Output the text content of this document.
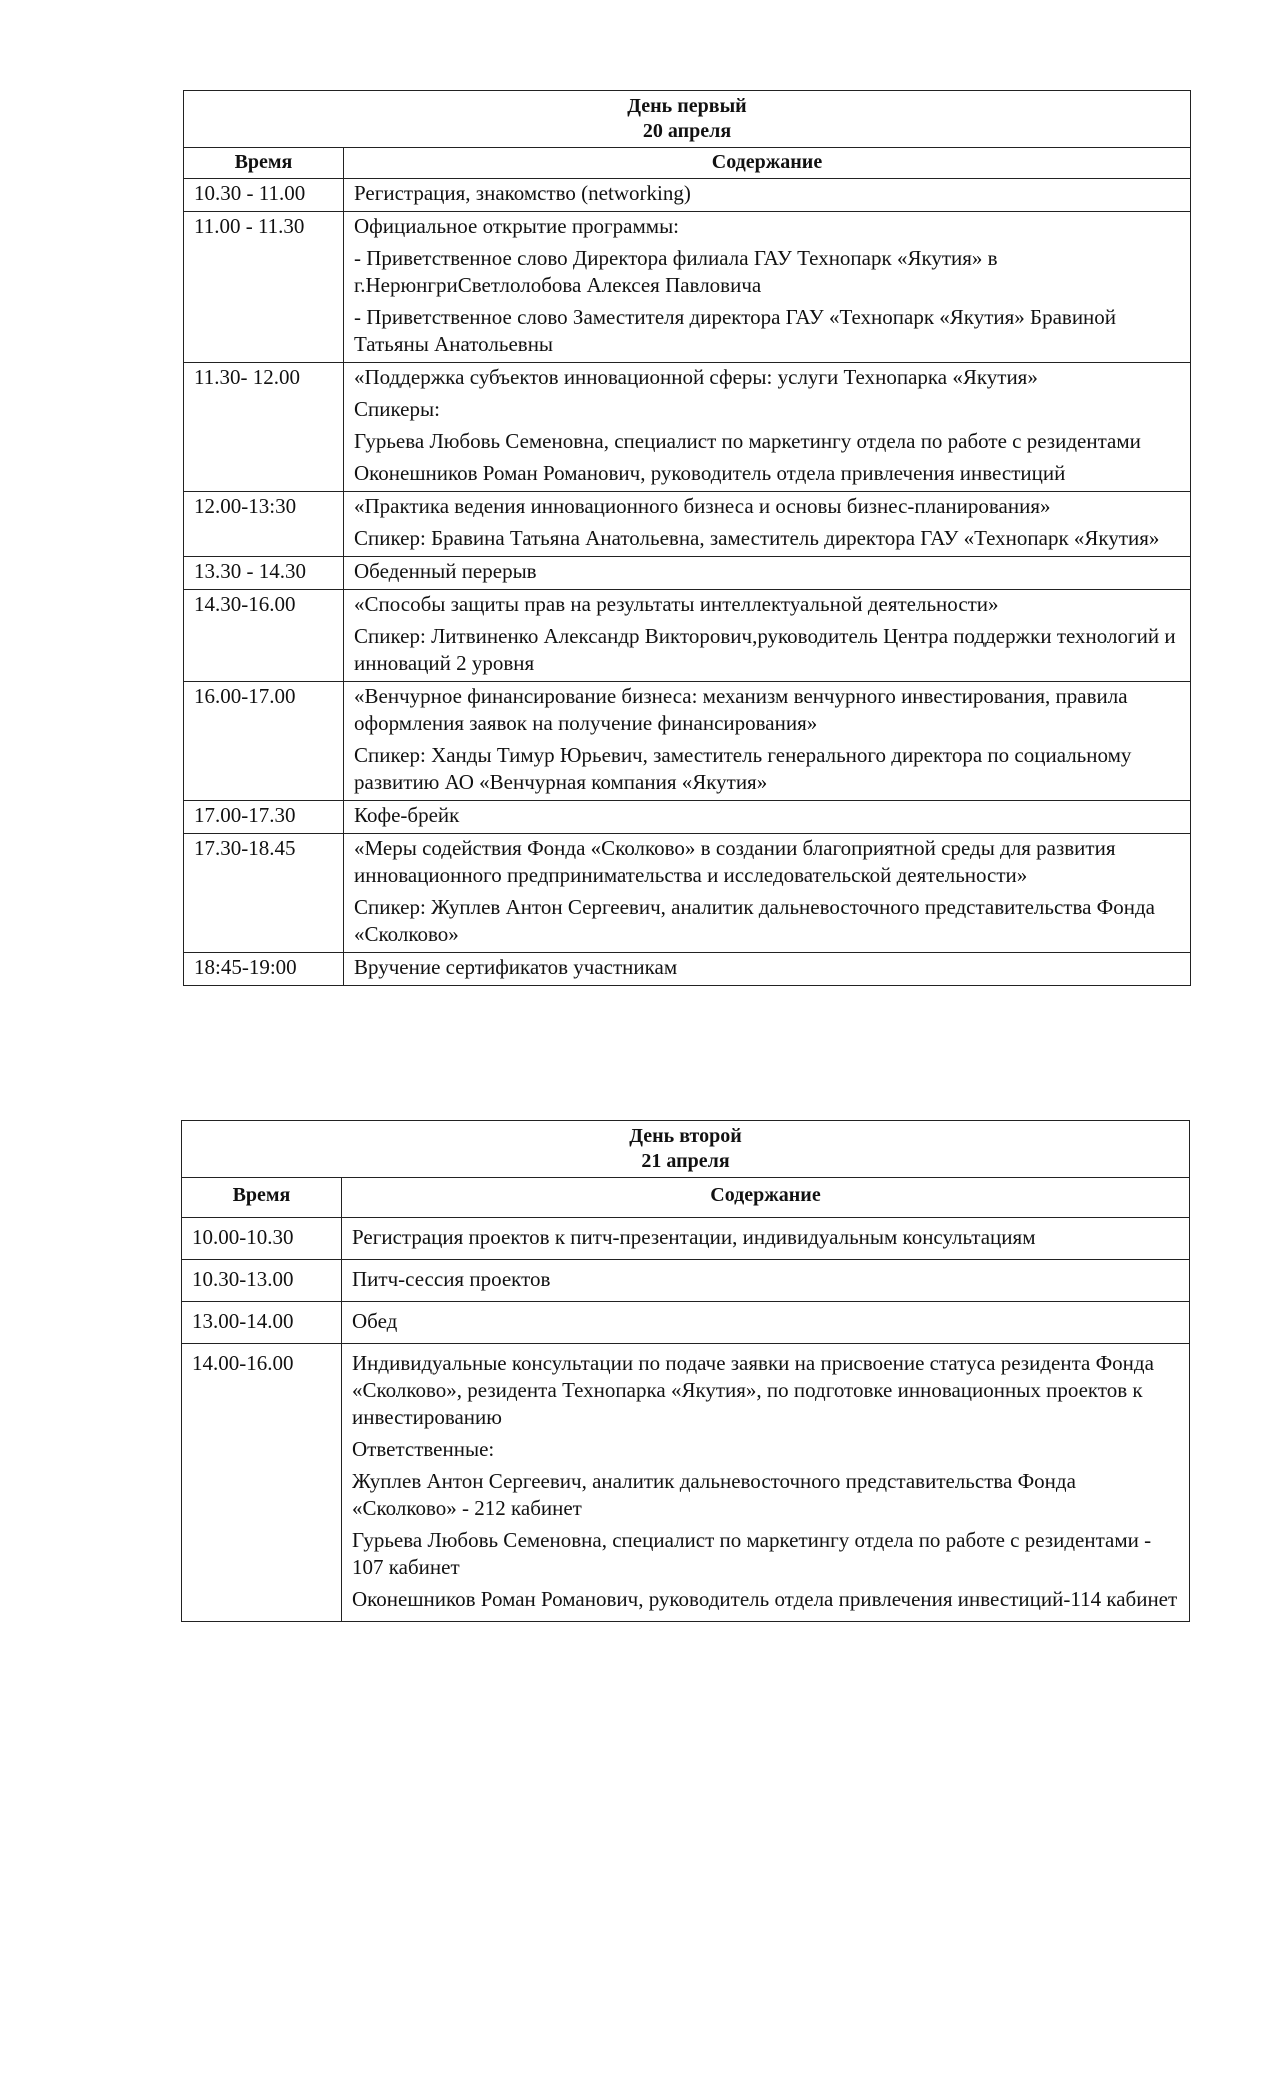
День первый
20 апреля	

Время	Содержание
10.30 - 11.00	Регистрация, знакомство (networking)

11.00 - 11.30	Официальное открытие программы:

- Приветственное слово Директора филиала ГАУ Технопарк «Якутия» в г.НерюнгриСветлолобова Алексея Павловича

- Приветственное слово Заместителя директора ГАУ «Технопарк «Якутия» Бравиной Татьяны Анатольевны

11.30- 12.00	«Поддержка субъектов инновационной сферы: услуги Технопарка «Якутия»

Спикеры:

Гурьева Любовь Семеновна, специалист по маркетингу отдела по работе с резидентами

Оконешников Роман Романович, руководитель отдела привлечения инвестиций

12.00-13:30	«Практика ведения инновационного бизнеса и основы бизнес-планирования»

Спикер: Бравина Татьяна Анатольевна, заместитель директора ГАУ «Технопарк «Якутия»

13.30 - 14.30	Обеденный перерыв

14.30-16.00	«Способы защиты прав на результаты интеллектуальной деятельности»

Спикер: Литвиненко Александр Викторович,руководитель Центра поддержки технологий и инноваций 2 уровня

16.00-17.00	«Венчурное финансирование бизнеса: механизм венчурного инвестирования, правила оформления заявок на получение финансирования»

Спикер: Ханды Тимур Юрьевич, заместитель генерального директора по социальному развитию АО «Венчурная компания «Якутия»

17.00-17.30	Кофе-брейк

17.30-18.45	«Меры содействия Фонда «Сколково» в создании благоприятной среды для развития инновационного предпринимательства и исследовательской деятельности»

Спикер: Жуплев Антон Сергеевич, аналитик дальневосточного представительства Фонда «Сколково»

18:45-19:00	Вручение сертификатов участникам

День второй
21 апреля	

Время	Содержание
10.00-10.30	Регистрация проектов к питч-презентации, индивидуальным консультациям

10.30-13.00	Питч-сессия проектов

13.00-14.00	Обед

14.00-16.00	Индивидуальные консультации по подаче заявки на присвоение статуса резидента Фонда «Сколково», резидента Технопарка «Якутия», по подготовке инновационных проектов к инвестированию

Ответственные:

Жуплев Антон Сергеевич, аналитик дальневосточного представительства Фонда «Сколково» - 212 кабинет

Гурьева Любовь Семеновна, специалист по маркетингу отдела по работе с резидентами - 107 кабинет

Оконешников Роман Романович, руководитель отдела привлечения инвестиций-114 кабинет
